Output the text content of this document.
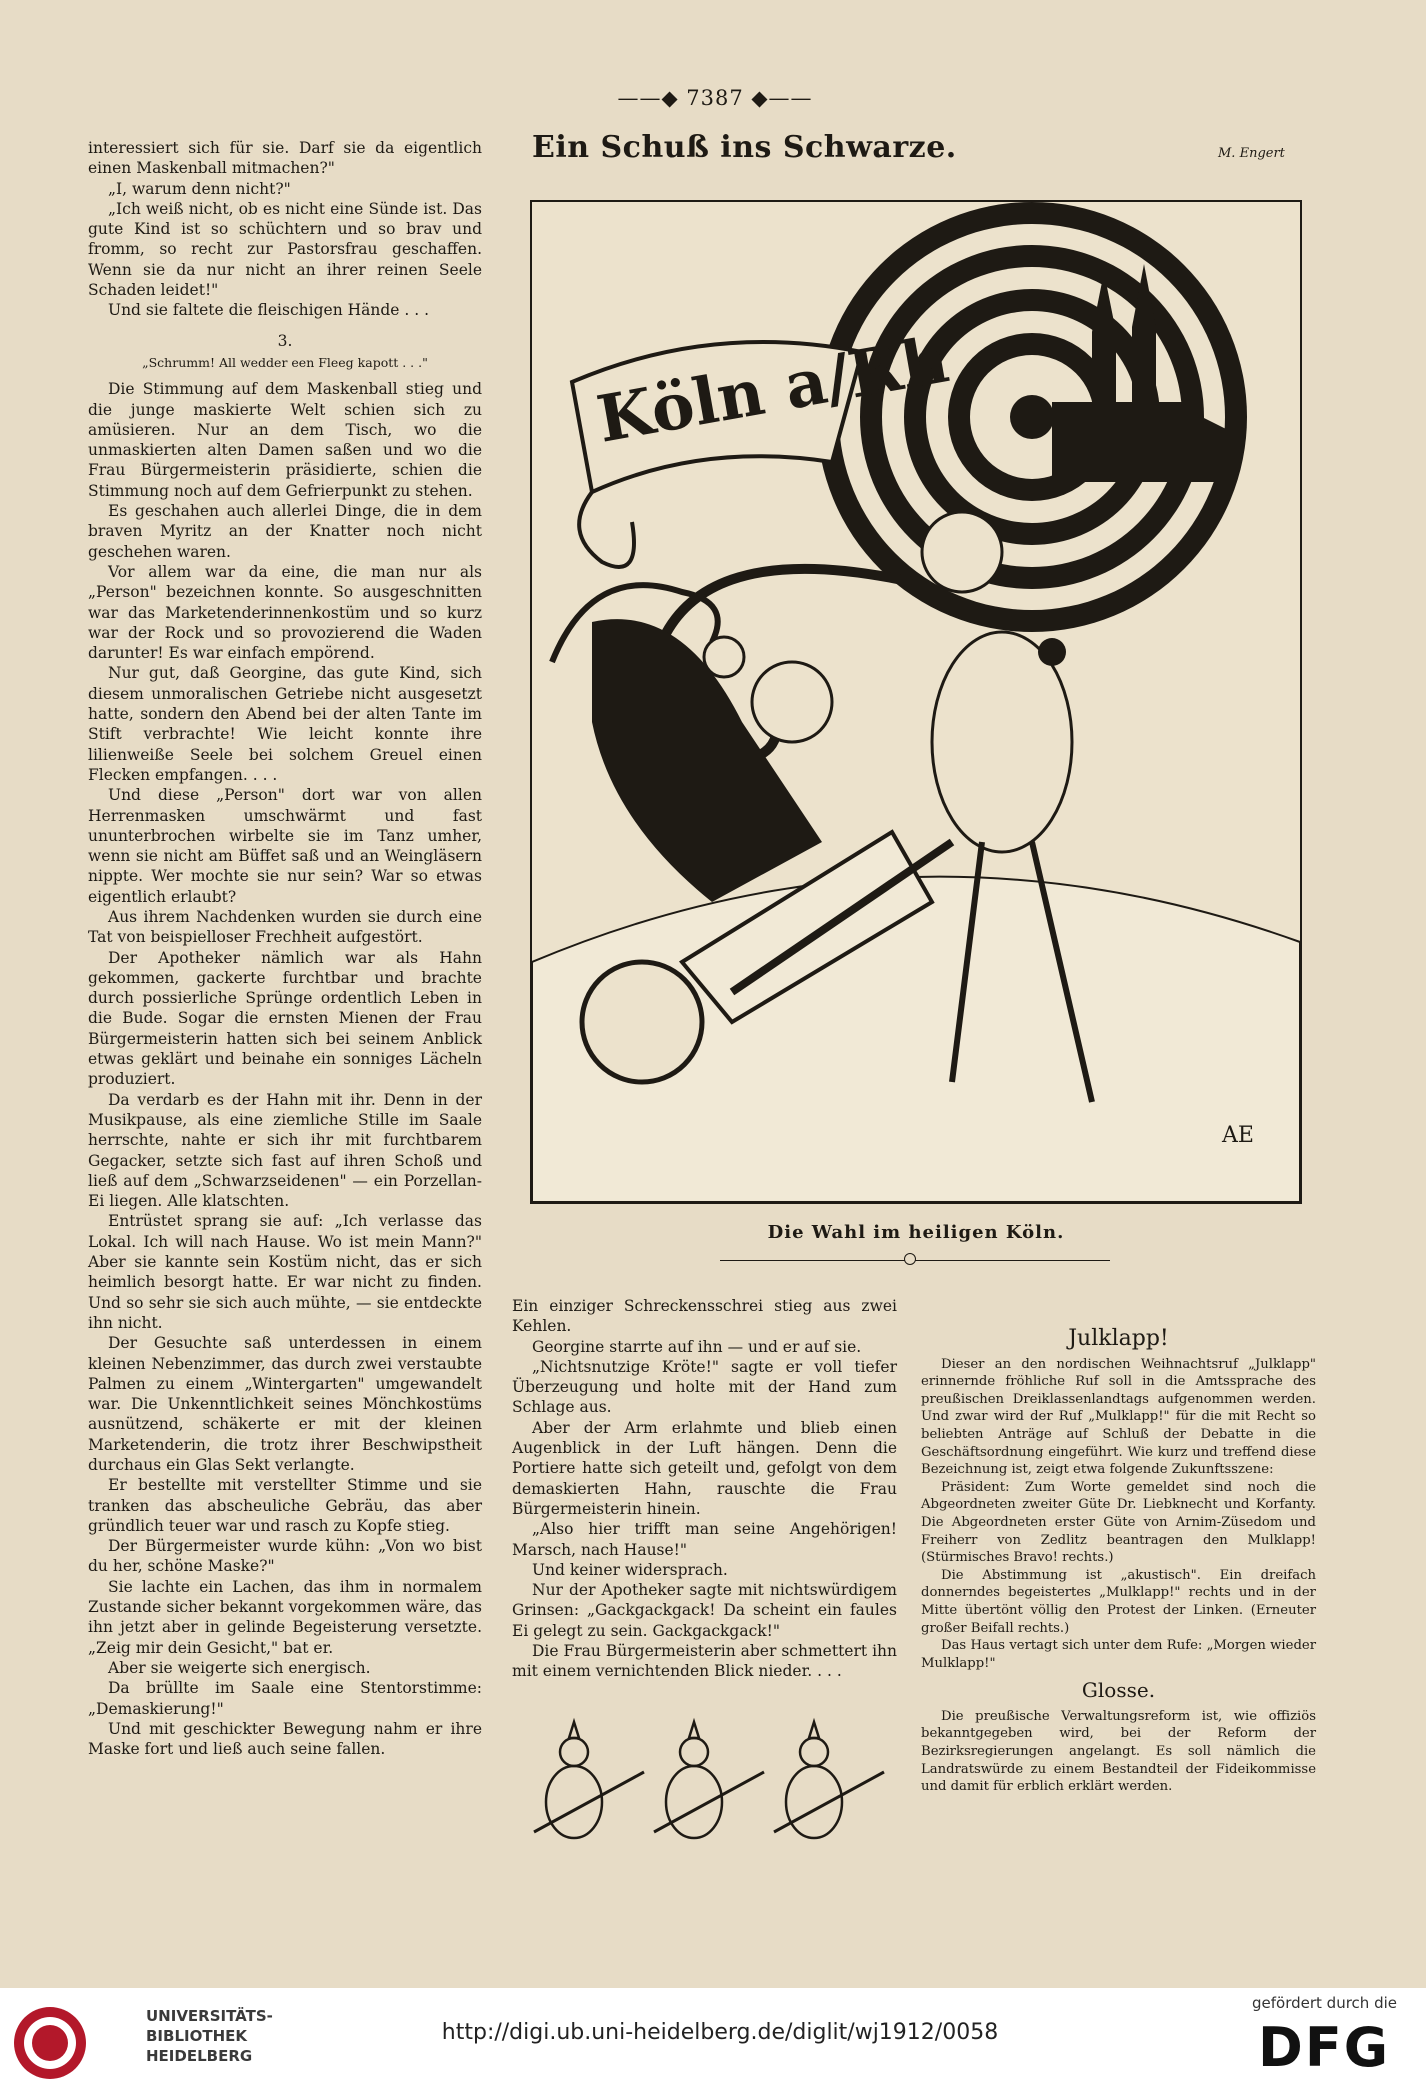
——◆ 7387 ◆——

interessiert sich für sie. Darf sie da eigentlich einen Maskenball mitmachen?"

„I, warum denn nicht?"

„Ich weiß nicht, ob es nicht eine Sünde ist. Das gute Kind ist so schüchtern und so brav und fromm, so recht zur Pastorsfrau geschaffen. Wenn sie da nur nicht an ihrer reinen Seele Schaden leidet!"

Und sie faltete die fleischigen Hände . . .

3.
„Schrumm! All wedder een Fleeg kapott . . ."

Die Stimmung auf dem Maskenball stieg und die junge maskierte Welt schien sich zu amüsieren. Nur an dem Tisch, wo die unmaskierten alten Damen saßen und wo die Frau Bürgermeisterin präsidierte, schien die Stimmung noch auf dem Gefrierpunkt zu stehen.

Es geschahen auch allerlei Dinge, die in dem braven Myritz an der Knatter noch nicht geschehen waren.

Vor allem war da eine, die man nur als „Person" bezeichnen konnte. So ausgeschnitten war das Marketenderinnenkostüm und so kurz war der Rock und so provozierend die Waden darunter! Es war einfach empörend.

Nur gut, daß Georgine, das gute Kind, sich diesem unmoralischen Getriebe nicht ausgesetzt hatte, sondern den Abend bei der alten Tante im Stift verbrachte! Wie leicht konnte ihre lilienweiße Seele bei solchem Greuel einen Flecken empfangen. . . .

Und diese „Person" dort war von allen Herrenmasken umschwärmt und fast ununterbrochen wirbelte sie im Tanz umher, wenn sie nicht am Büffet saß und an Weingläsern nippte. Wer mochte sie nur sein? War so etwas eigentlich erlaubt?

Aus ihrem Nachdenken wurden sie durch eine Tat von beispielloser Frechheit aufgestört.

Der Apotheker nämlich war als Hahn gekommen, gackerte furchtbar und brachte durch possierliche Sprünge ordentlich Leben in die Bude. Sogar die ernsten Mienen der Frau Bürgermeisterin hatten sich bei seinem Anblick etwas geklärt und beinahe ein sonniges Lächeln produziert.

Da verdarb es der Hahn mit ihr. Denn in der Musikpause, als eine ziemliche Stille im Saale herrschte, nahte er sich ihr mit furchtbarem Gegacker, setzte sich fast auf ihren Schoß und ließ auf dem „Schwarzseidenen" — ein Porzellan-Ei liegen. Alle klatschten.

Entrüstet sprang sie auf: „Ich verlasse das Lokal. Ich will nach Hause. Wo ist mein Mann?" Aber sie kannte sein Kostüm nicht, das er sich heimlich besorgt hatte. Er war nicht zu finden. Und so sehr sie sich auch mühte, — sie entdeckte ihn nicht.

Der Gesuchte saß unterdessen in einem kleinen Nebenzimmer, das durch zwei verstaubte Palmen zu einem „Wintergarten" umgewandelt war. Die Unkenntlichkeit seines Mönchkostüms ausnützend, schäkerte er mit der kleinen Marketenderin, die trotz ihrer Beschwipstheit durchaus ein Glas Sekt verlangte.

Er bestellte mit verstellter Stimme und sie tranken das abscheuliche Gebräu, das aber gründlich teuer war und rasch zu Kopfe stieg.

Der Bürgermeister wurde kühn: „Von wo bist du her, schöne Maske?"

Sie lachte ein Lachen, das ihm in normalem Zustande sicher bekannt vorgekommen wäre, das ihn jetzt aber in gelinde Begeisterung versetzte. „Zeig mir dein Gesicht," bat er.

Aber sie weigerte sich energisch.

Da brüllte im Saale eine Stentorstimme: „Demaskierung!"

Und mit geschickter Bewegung nahm er ihre Maske fort und ließ auch seine fallen.

Ein Schuß ins Schwarze.	M. Engert
Köln a/Rh
AE
Die Wahl im heiligen Köln.

Ein einziger Schreckensschrei stieg aus zwei Kehlen.

Georgine starrte auf ihn — und er auf sie.

„Nichtsnutzige Kröte!" sagte er voll tiefer Überzeugung und holte mit der Hand zum Schlage aus.

Aber der Arm erlahmte und blieb einen Augenblick in der Luft hängen. Denn die Portiere hatte sich geteilt und, gefolgt von dem demaskierten Hahn, rauschte die Frau Bürgermeisterin hinein.

„Also hier trifft man seine Angehörigen! Marsch, nach Hause!"

Und keiner widersprach.

Nur der Apotheker sagte mit nichtswürdigem Grinsen: „Gackgackgack! Da scheint ein faules Ei gelegt zu sein. Gackgackgack!"

Die Frau Bürgermeisterin aber schmettert ihn mit einem vernichtenden Blick nieder. . . .

Julklapp!

Dieser an den nordischen Weihnachtsruf „Julklapp" erinnernde fröhliche Ruf soll in die Amtssprache des preußischen Dreiklassenlandtags aufgenommen werden. Und zwar wird der Ruf „Mulklapp!" für die mit Recht so beliebten Anträge auf Schluß der Debatte in die Geschäftsordnung eingeführt. Wie kurz und treffend diese Bezeichnung ist, zeigt etwa folgende Zukunftsszene:

Präsident: Zum Worte gemeldet sind noch die Abgeordneten zweiter Güte Dr. Liebknecht und Korfanty. Die Abgeordneten erster Güte von Arnim-Züsedom und Freiherr von Zedlitz beantragen den Mulklapp! (Stürmisches Bravo! rechts.)

Die Abstimmung ist „akustisch". Ein dreifach donnerndes begeistertes „Mulklapp!" rechts und in der Mitte übertönt völlig den Protest der Linken. (Erneuter großer Beifall rechts.)

Das Haus vertagt sich unter dem Rufe: „Morgen wieder Mulklapp!"

Glosse.

Die preußische Verwaltungsreform ist, wie offiziös bekanntgegeben wird, bei der Reform der Bezirksregierungen angelangt. Es soll nämlich die Landratswürde zu einem Bestandteil der Fideikommisse und damit für erblich erklärt werden.

UNIVERSITÄTS-
BIBLIOTHEK
HEIDELBERG
http://digi.ub.uni-heidelberg.de/diglit/wj1912/0058
gefördert durch die
DFG
